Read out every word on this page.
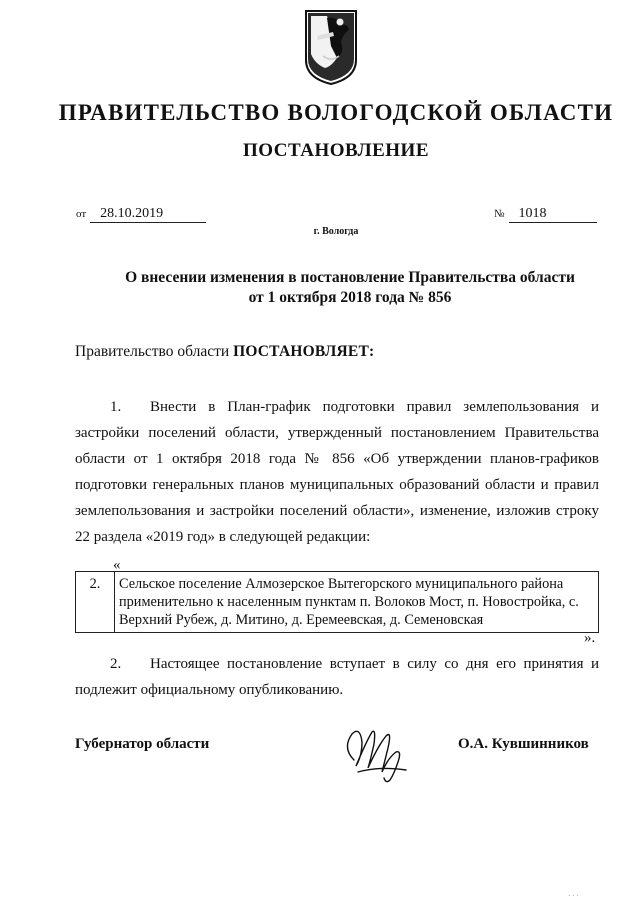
ПРАВИТЕЛЬСТВО ВОЛОГОДСКОЙ ОБЛАСТИ
ПОСТАНОВЛЕНИЕ
от 28.10.2019	№ 1018
г. Вологда
О внесении изменения в постановление Правительства области
от 1 октября 2018 года № 856
Правительство области ПОСТАНОВЛЯЕТ:
1. Внести в План-график подготовки правил землепользования и застройки поселений области, утвержденный постановлением Правительства области от 1 октября 2018 года № 856 «Об утверждении планов-графиков подготовки генеральных планов муниципальных образований области и правил землепользования и застройки поселений области», изменение, изложив строку 22 раздела «2019 год» в следующей редакции:
«
2.	Сельское поселение Алмозерское Вытегорского муниципального района применительно к населенным пунктам п. Волоков Мост, п. Новостройка, с. Верхний Рубеж, д. Митино, д. Еремеевская, д. Семеновская
».
2. Настоящее постановление вступает в силу со дня его принятия и подлежит официальному опубликованию.
Губернатор области	О.А. Кувшинников
· · ·
